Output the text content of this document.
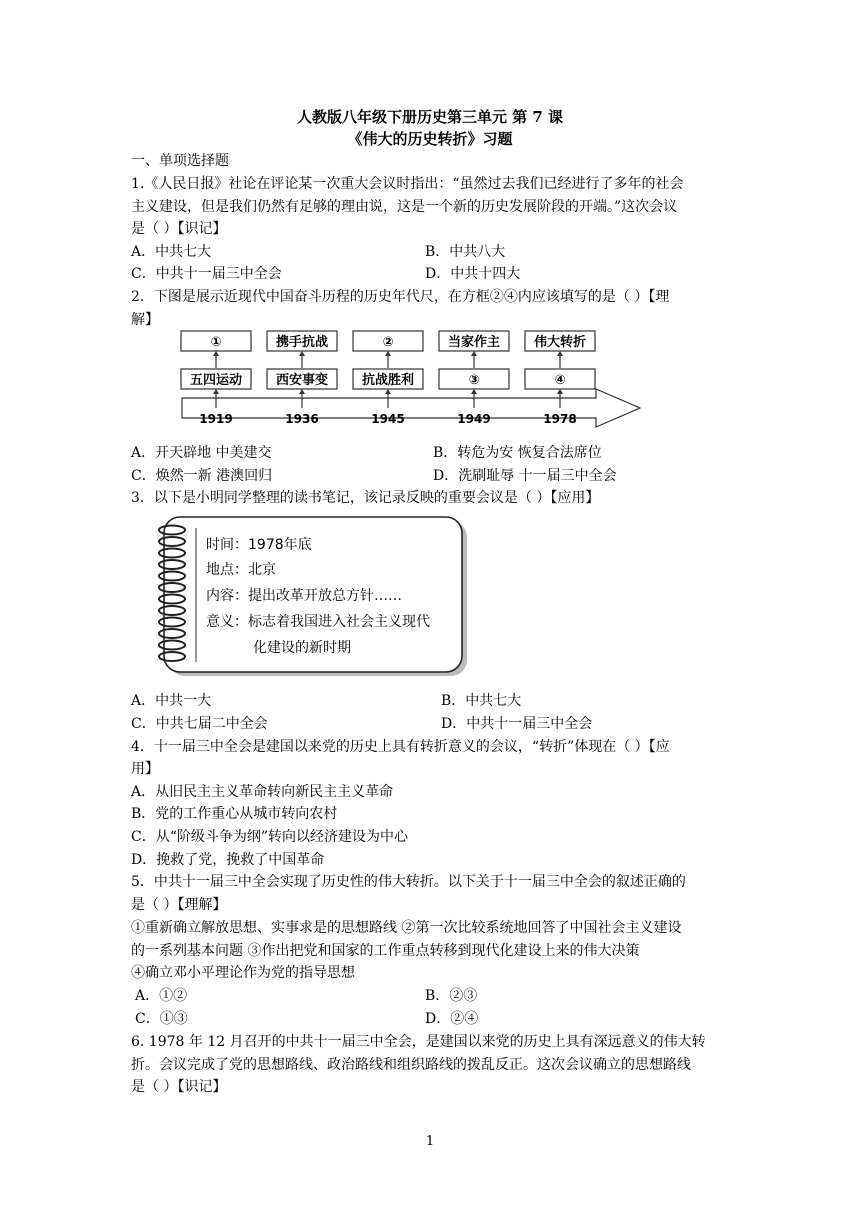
人教版八年级下册历史第三单元 第 7 课
《伟大的历史转折》习题
一、单项选择题
1.《人民日报》社论在评论某一次重大会议时指出：“虽然过去我们已经进行了多年的社会
主义建设，但是我们仍然有足够的理由说，这是一个新的历史发展阶段的开端。”这次会议
是（ ）【识记】
A．中共七大	B．中共八大
C．中共十一届三中全会	D．中共十四大
2．下图是展示近现代中国奋斗历程的历史年代尺，在方框②④内应该填写的是（ ）【理
解】
①
五四运动
1919
携手抗战
西安事变
1936
②
抗战胜利
1945
当家作主
③
1949
伟大转折
④
1978
A．开天辟地 中美建交	B．转危为安 恢复合法席位
C．焕然一新 港澳回归	D．洗刷耻辱 十一届三中全会
3．以下是小明同学整理的读书笔记，该记录反映的重要会议是（ ）【应用】
时间：1978年底
地点：北京
内容：提出改革开放总方针……
意义：标志着我国进入社会主义现代
化建设的新时期
A．中共一大	B．中共七大
C．中共七届二中全会	D．中共十一届三中全会
4．十一届三中全会是建国以来党的历史上具有转折意义的会议，“转折”体现在（ ）【应
用】
A．从旧民主主义革命转向新民主主义革命
B．党的工作重心从城市转向农村
C．从“阶级斗争为纲”转向以经济建设为中心
D．挽救了党，挽救了中国革命
5．中共十一届三中全会实现了历史性的伟大转折。以下关于十一届三中全会的叙述正确的
是（ ）【理解】
①重新确立解放思想、实事求是的思想路线 ②第一次比较系统地回答了中国社会主义建设
的一系列基本问题 ③作出把党和国家的工作重点转移到现代化建设上来的伟大决策
④确立邓小平理论作为党的指导思想
A．①②	B．②③
C．①③	D．②④
6. 1978 年 12 月召开的中共十一届三中全会，是建国以来党的历史上具有深远意义的伟大转
折。会议完成了党的思想路线、政治路线和组织路线的拨乱反正。这次会议确立的思想路线
是（ ）【识记】
1
